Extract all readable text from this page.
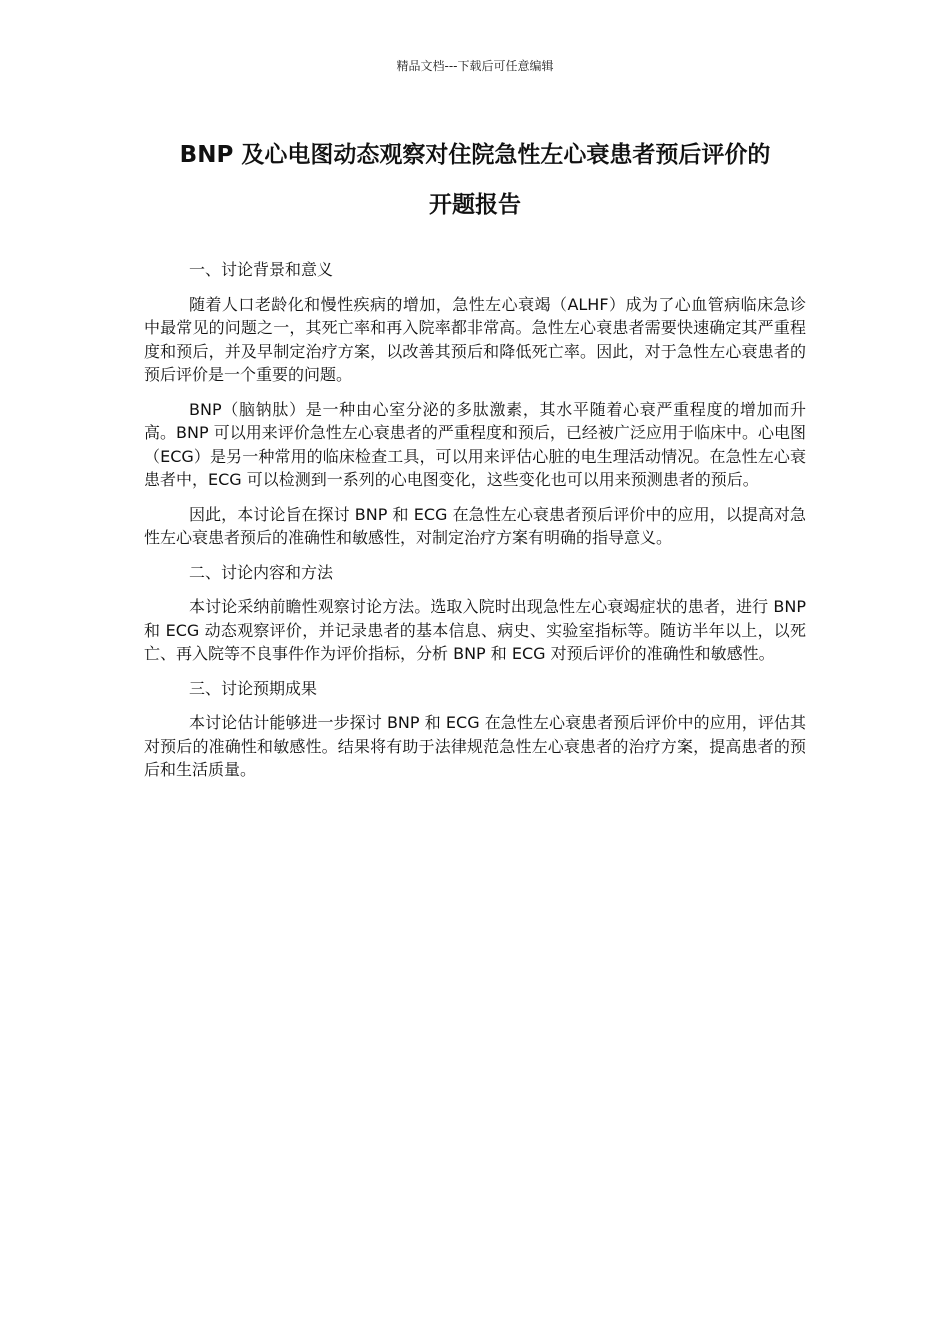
精品文档---下载后可任意编辑
BNP 及心电图动态观察对住院急性左心衰患者预后评价的
开题报告

一、讨论背景和意义

随着人口老龄化和慢性疾病的增加，急性左心衰竭（ALHF）成为了心血管病临床急诊中最常见的问题之一，其死亡率和再入院率都非常高。急性左心衰患者需要快速确定其严重程度和预后，并及早制定治疗方案，以改善其预后和降低死亡率。因此，对于急性左心衰患者的预后评价是一个重要的问题。

BNP（脑钠肽）是一种由心室分泌的多肽激素，其水平随着心衰严重程度的增加而升高。BNP 可以用来评价急性左心衰患者的严重程度和预后，已经被广泛应用于临床中。心电图（ECG）是另一种常用的临床检查工具，可以用来评估心脏的电生理活动情况。在急性左心衰患者中，ECG 可以检测到一系列的心电图变化，这些变化也可以用来预测患者的预后。

因此，本讨论旨在探讨 BNP 和 ECG 在急性左心衰患者预后评价中的应用，以提高对急性左心衰患者预后的准确性和敏感性，对制定治疗方案有明确的指导意义。

二、讨论内容和方法

本讨论采纳前瞻性观察讨论方法。选取入院时出现急性左心衰竭症状的患者，进行 BNP 和 ECG 动态观察评价，并记录患者的基本信息、病史、实验室指标等。随访半年以上，以死亡、再入院等不良事件作为评价指标，分析 BNP 和 ECG 对预后评价的准确性和敏感性。

三、讨论预期成果

本讨论估计能够进一步探讨 BNP 和 ECG 在急性左心衰患者预后评价中的应用，评估其对预后的准确性和敏感性。结果将有助于法律规范急性左心衰患者的治疗方案，提高患者的预后和生活质量。
